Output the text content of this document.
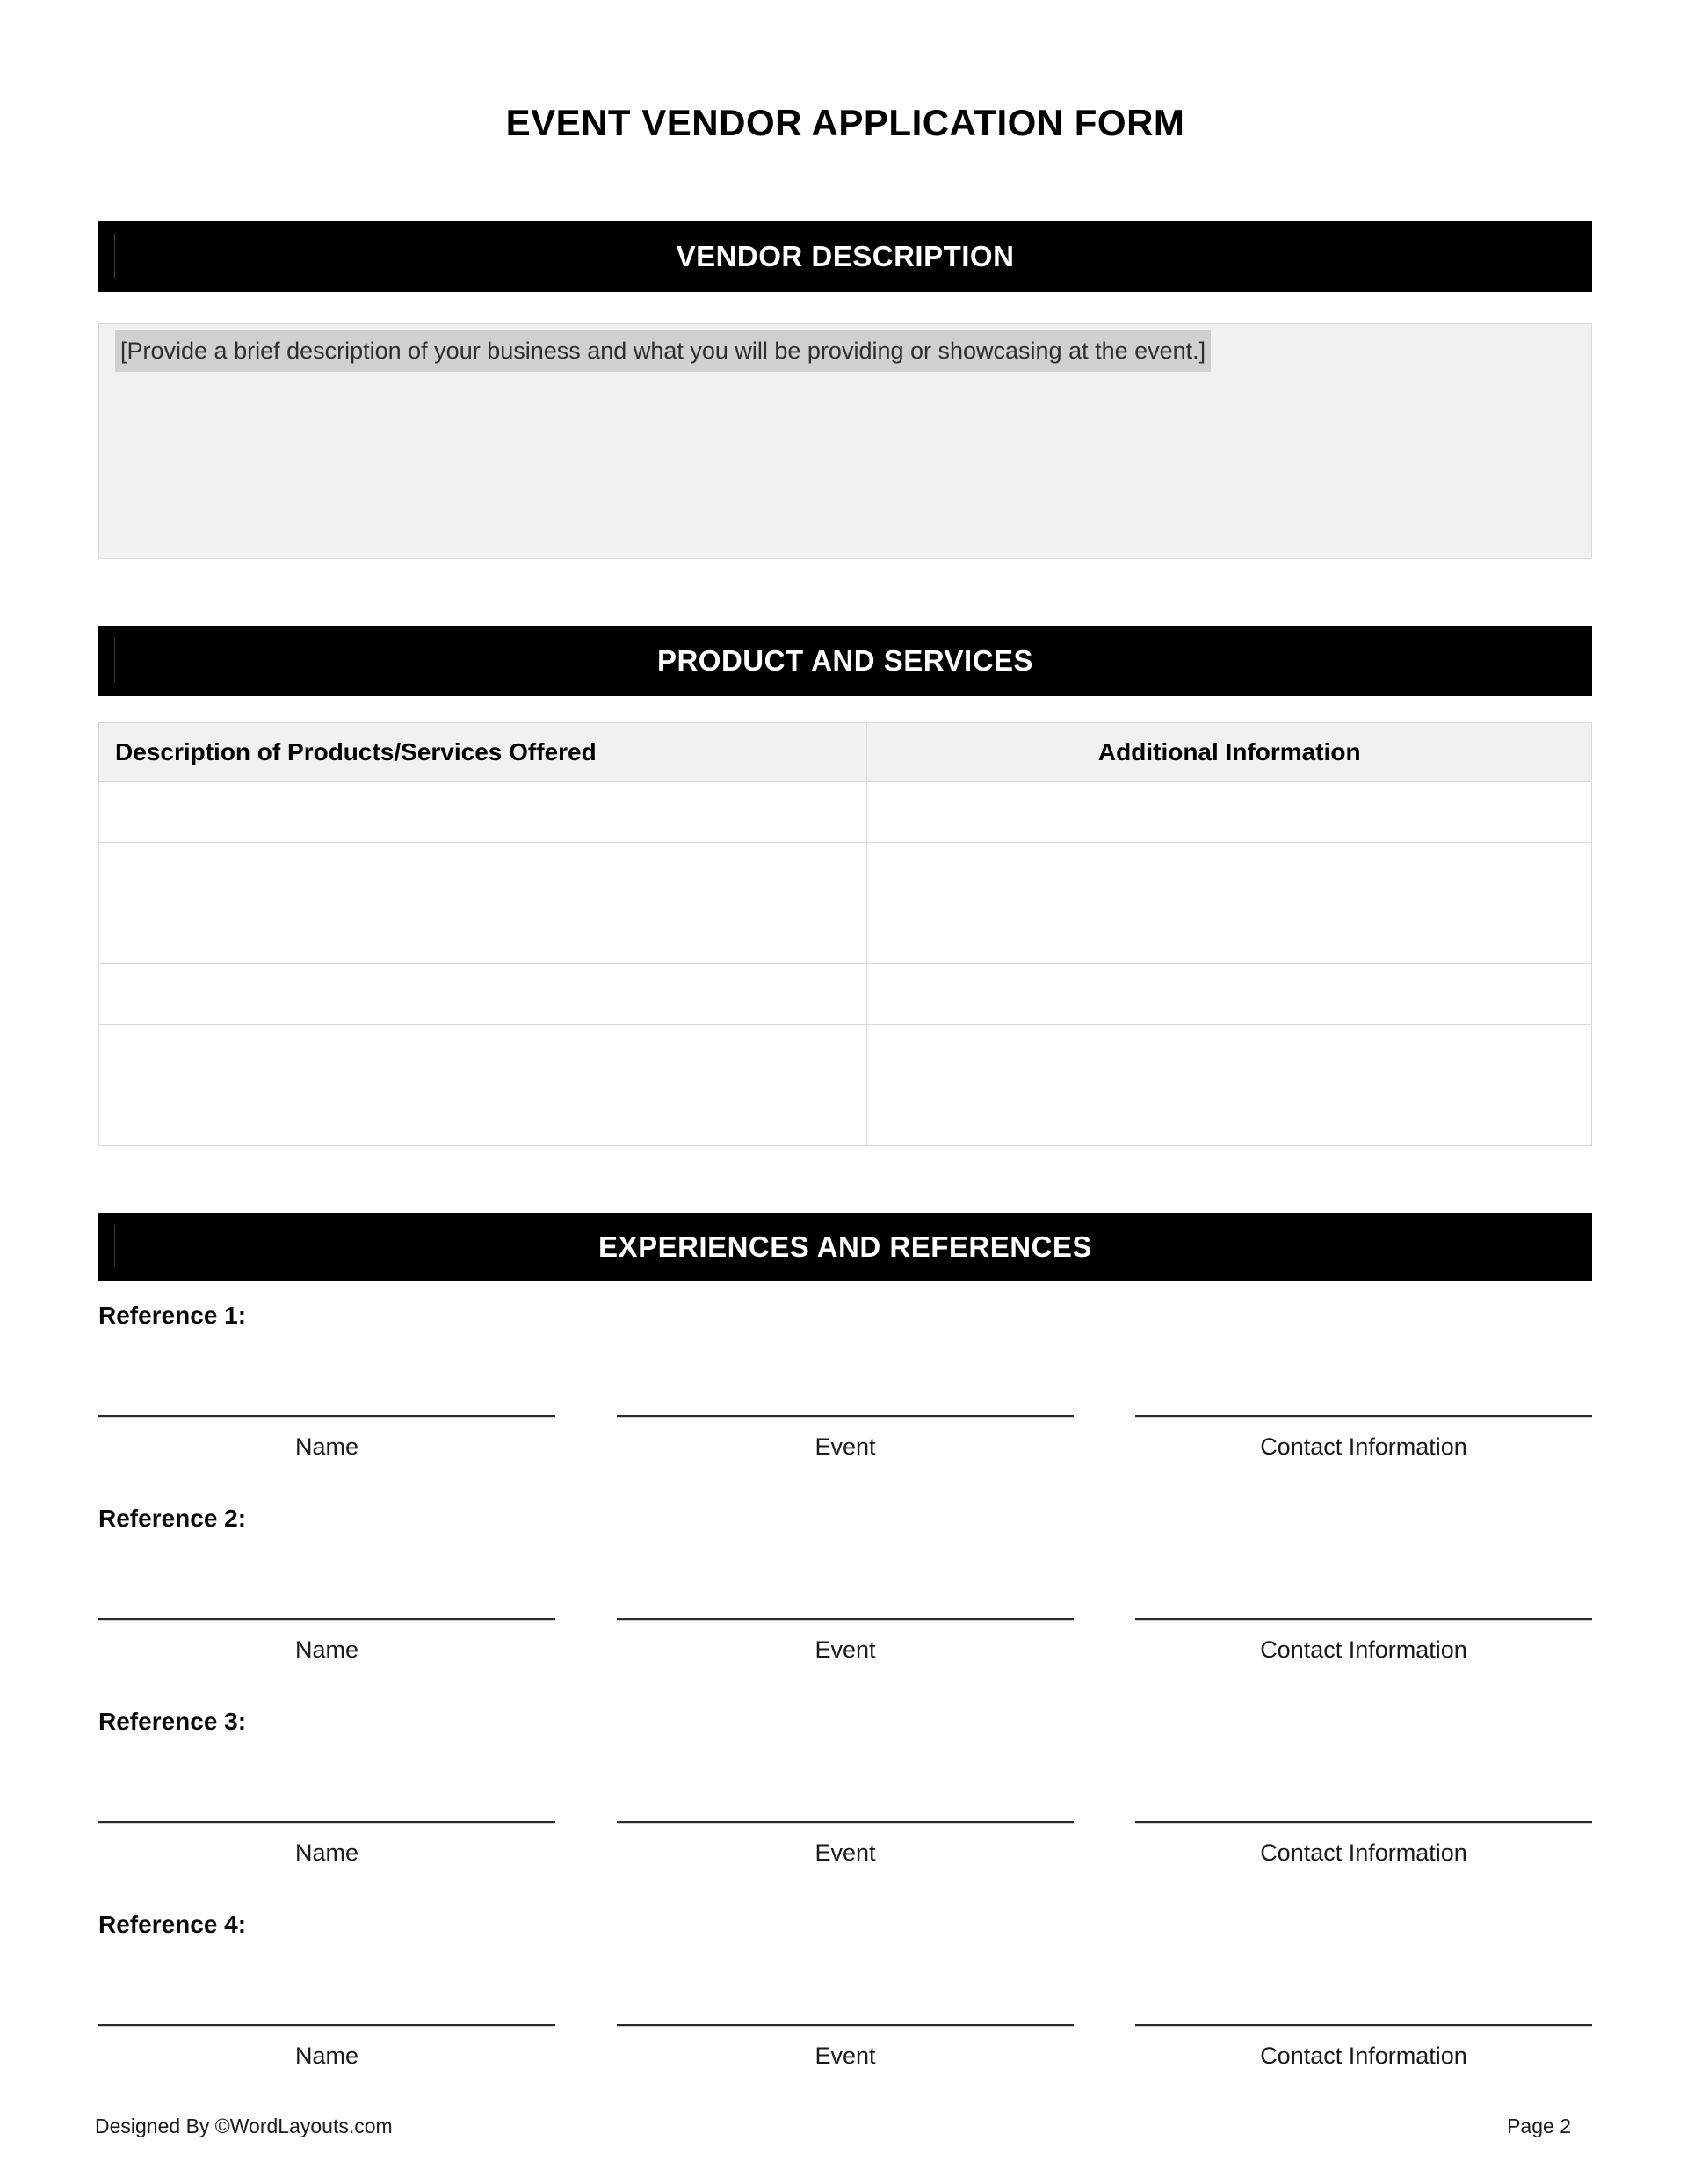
EVENT VENDOR APPLICATION FORM
VENDOR DESCRIPTION
[Provide a brief description of your business and what you will be providing or showcasing at the event.]
PRODUCT AND SERVICES
Description of Products/Services Offered	Additional Information
EXPERIENCES AND REFERENCES
Reference 1:
Name	Event	Contact Information
Reference 2:
Name	Event	Contact Information
Reference 3:
Name	Event	Contact Information
Reference 4:
Name	Event	Contact Information
Designed By ©WordLayouts.com	Page 2
